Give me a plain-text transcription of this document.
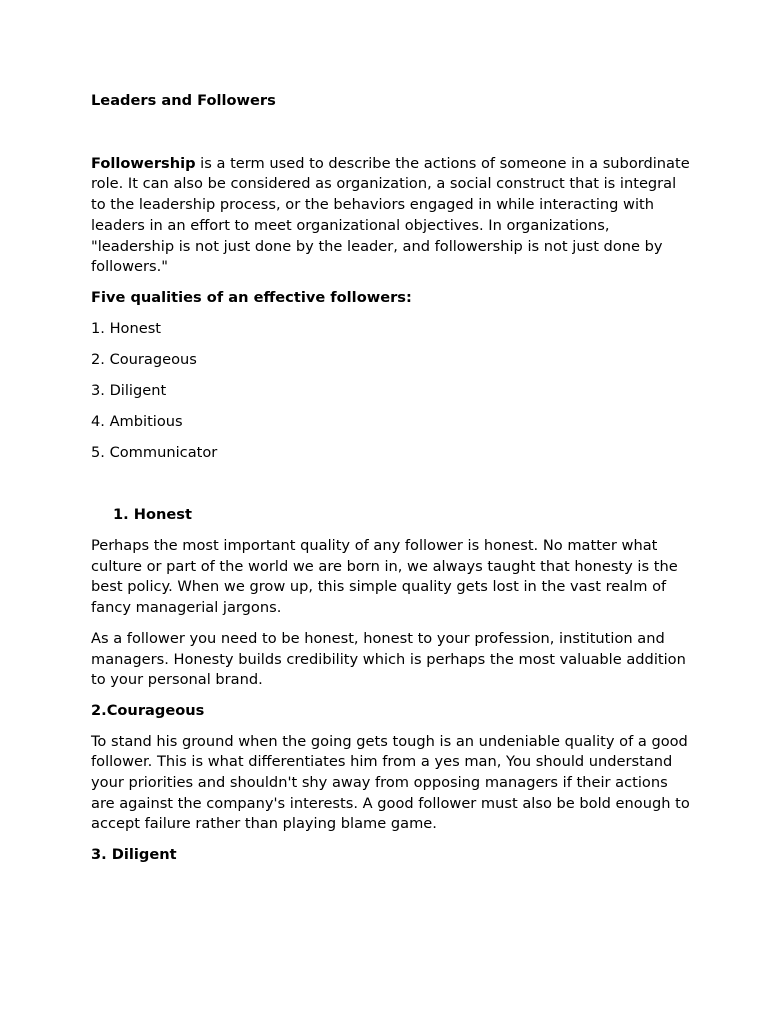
Leaders and Followers

Followership is a term used to describe the actions of someone in a subordinate role. It can also be considered as organization, a social construct that is integral to the leadership process, or the behaviors engaged in while interacting with leaders in an effort to meet organizational objectives. In organizations, "leadership is not just done by the leader, and followership is not just done by followers."

Five qualities of an effective followers:

1. Honest
2. Courageous
3. Diligent
4. Ambitious
5. Communicator

1. Honest

Perhaps the most important quality of any follower is honest. No matter what culture or part of the world we are born in, we always taught that honesty is the best policy. When we grow up, this simple quality gets lost in the vast realm of fancy managerial jargons.

As a follower you need to be honest, honest to your profession, institution and managers. Honesty builds credibility which is perhaps the most valuable addition to your personal brand.

2.Courageous

To stand his ground when the going gets tough is an undeniable quality of a good follower. This is what differentiates him from a yes man, You should understand your priorities and shouldn't shy away from opposing managers if their actions are against the company's interests. A good follower must also be bold enough to accept failure rather than playing blame game.

3. Diligent
